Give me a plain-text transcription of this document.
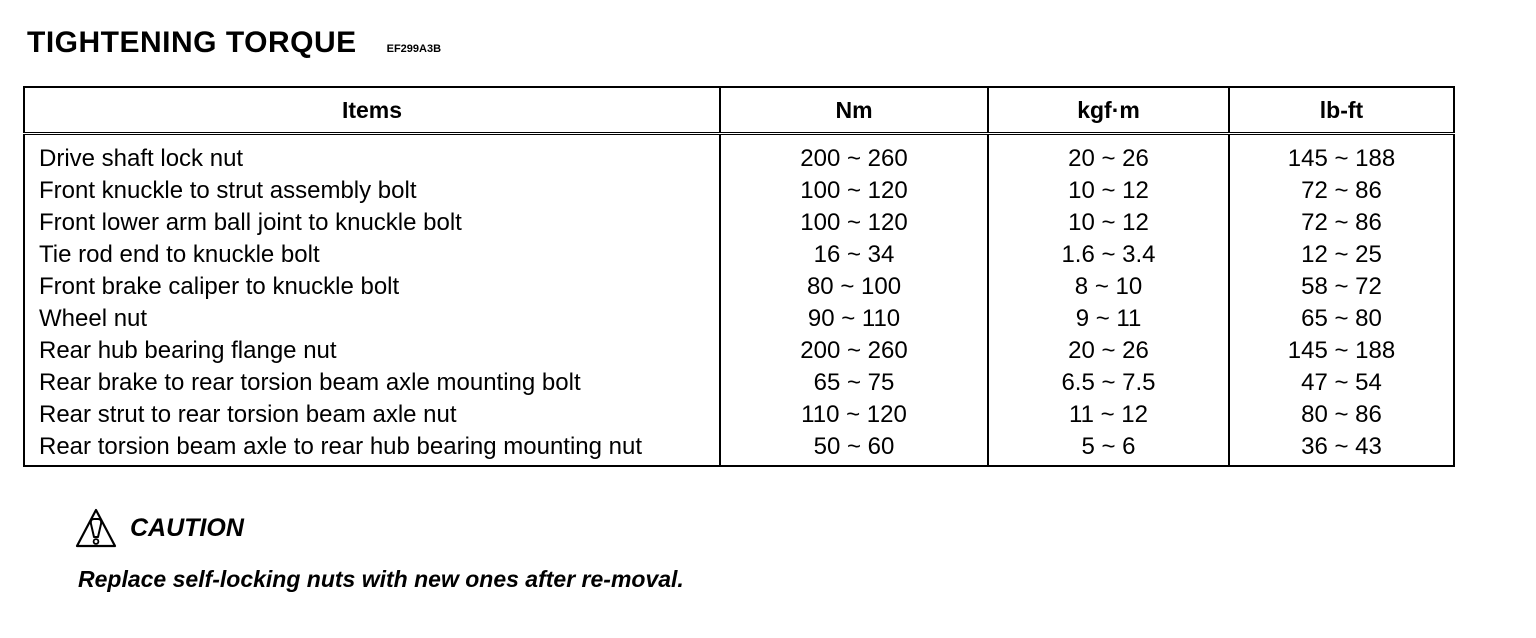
TIGHTENING TORQUE	EF299A3B
Items	Nm	kgf·m	lb-ft
Drive shaft lock nut	200 ~ 260	20 ~ 26	145 ~ 188
Front knuckle to strut assembly bolt	100 ~ 120	10 ~ 12	72 ~ 86
Front lower arm ball joint to knuckle bolt	100 ~ 120	10 ~ 12	72 ~ 86
Tie rod end to knuckle bolt	16 ~ 34	1.6 ~ 3.4	12 ~ 25
Front brake caliper to knuckle bolt	80 ~ 100	8 ~ 10	58 ~ 72
Wheel nut	90 ~ 110	9 ~ 11	65 ~ 80
Rear hub bearing flange nut	200 ~ 260	20 ~ 26	145 ~ 188
Rear brake to rear torsion beam axle mounting bolt	65 ~ 75	6.5 ~ 7.5	47 ~ 54
Rear strut to rear torsion beam axle nut	110 ~ 120	11 ~ 12	80 ~ 86
Rear torsion beam axle to rear hub bearing mounting nut	50 ~ 60	5 ~ 6	36 ~ 43
CAUTION

Replace self-locking nuts with new ones after re-moval.
